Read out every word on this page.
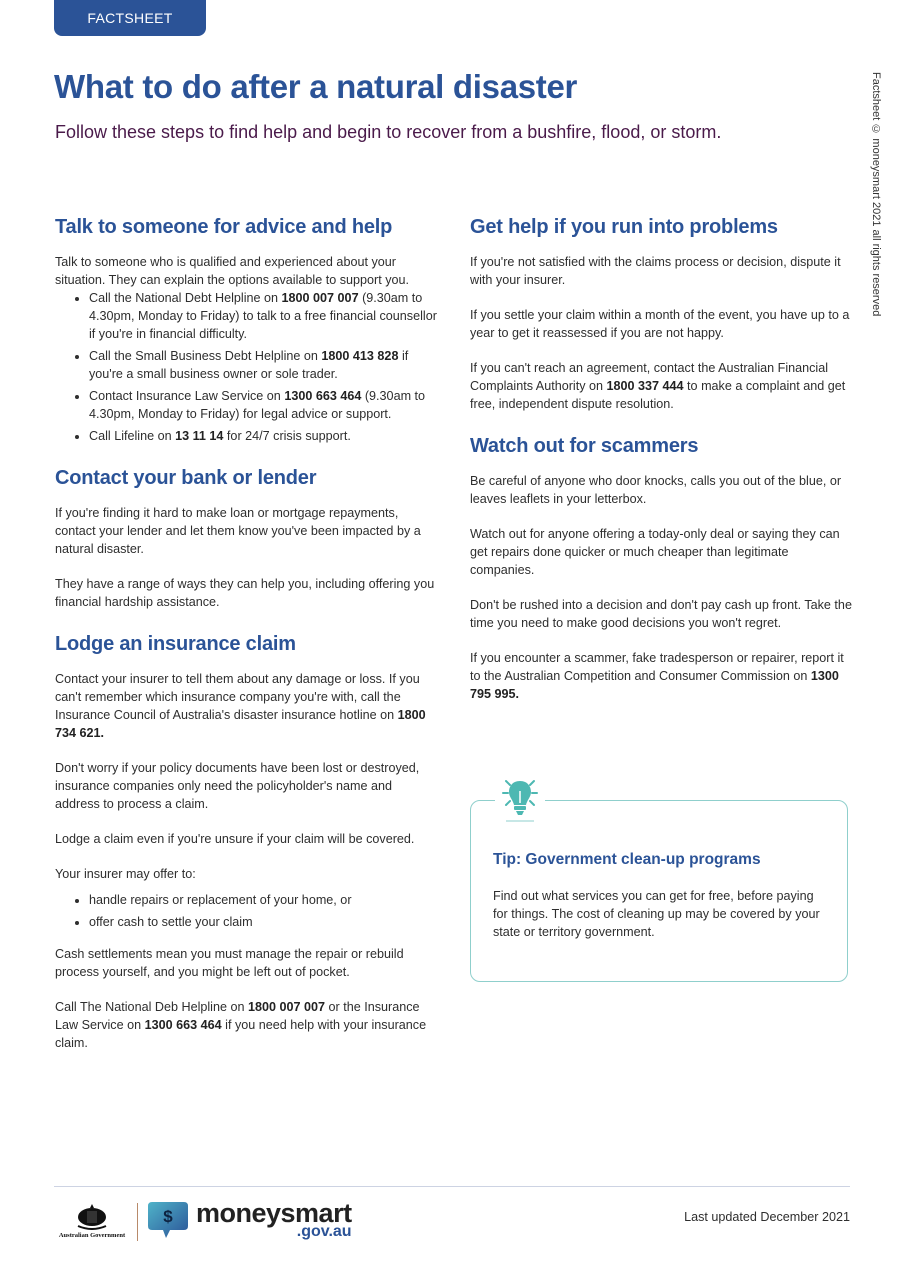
FACTSHEET
What to do after a natural disaster

Follow these steps to find help and begin to recover from a bushfire, flood, or storm.	Factsheet © moneysmart 2021 all rights reserved
Talk to someone for advice and help

Talk to someone who is qualified and experienced about your situation. They can explain the options available to support you.

• Call the National Debt Helpline on 1800 007 007 (9.30am to 4.30pm, Monday to Friday) to talk to a free financial counsellor if you're in financial difficulty.
• Call the Small Business Debt Helpline on 1800 413 828 if you're a small business owner or sole trader.
• Contact Insurance Law Service on 1300 663 464 (9.30am to 4.30pm, Monday to Friday) for legal advice or support.
• Call Lifeline on 13 11 14 for 24/7 crisis support.
Contact your bank or lender

If you're finding it hard to make loan or mortgage repayments, contact your lender and let them know you've been impacted by a natural disaster.

They have a range of ways they can help you, including offering you financial hardship assistance.

Lodge an insurance claim

Contact your insurer to tell them about any damage or loss. If you can't remember which insurance company you're with, call the Insurance Council of Australia's disaster insurance hotline on 1800 734 621.

Don't worry if your policy documents have been lost or destroyed, insurance companies only need the policyholder's name and address to process a claim.

Lodge a claim even if you're unsure if your claim will be covered.

Your insurer may offer to:

• handle repairs or replacement of your home, or
• offer cash to settle your claim

Cash settlements mean you must manage the repair or rebuild process yourself, and you might be left out of pocket.

Call The National Deb Helpline on 1800 007 007 or the Insurance Law Service on 1300 663 464 if you need help with your insurance claim.

Get help if you run into problems

If you're not satisfied with the claims process or decision, dispute it with your insurer.

If you settle your claim within a month of the event, you have up to a year to get it reassessed if you are not happy.

If you can't reach an agreement, contact the Australian Financial Complaints Authority on 1800 337 444 to make a complaint and get free, independent dispute resolution.

Watch out for scammers

Be careful of anyone who door knocks, calls you out of the blue, or leaves leaflets in your letterbox.

Watch out for anyone offering a today-only deal or saying they can get repairs done quicker or much cheaper than legitimate companies.

Don't be rushed into a decision and don't pay cash up front. Take the time you need to make good decisions you won't regret.

If you encounter a scammer, fake tradesperson or repairer, report it to the Australian Competition and Consumer Commission on 1300 795 995.

Tip: Government clean-up programs

Find out what services you can get for free, before paying for things. The cost of cleaning up may be covered by your state or territory government.

Australian Government
$ moneysmart
.gov.au
Last updated December 2021
